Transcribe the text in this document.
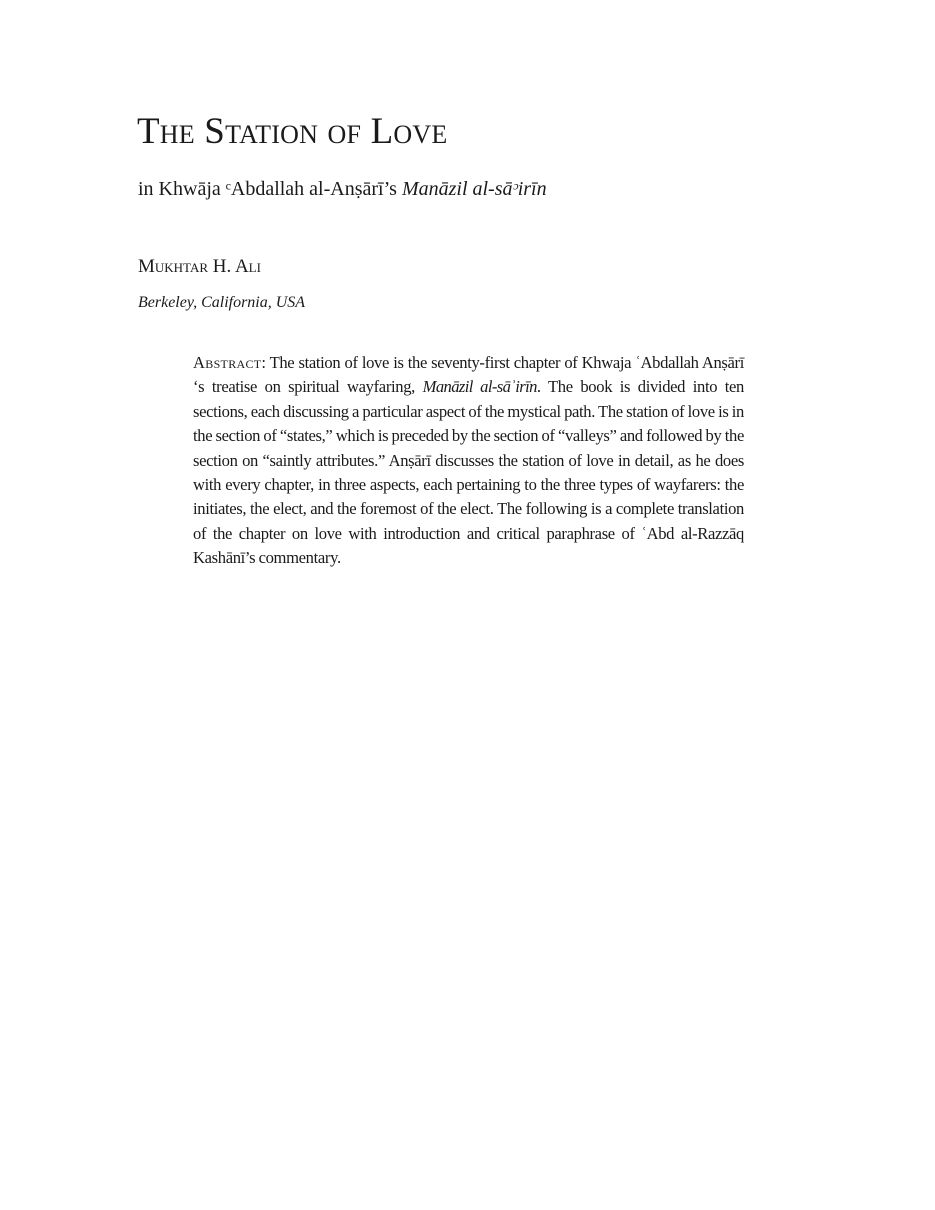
The Station of Love

in Khwāja ᶜAbdallah al-Anṣārī’s Manāzil al-sāᵓirīn

Mukhtar H. Ali

Berkeley, California, USA

Abstract: The station of love is the seventy-first chapter of Khwaja ʿAbdallah Anṣārī ‘s treatise on spiritual wayfaring, Manāzil al-sāʾirīn. The book is divided into ten sections, each discussing a particular aspect of the mystical path. The station of love is in the section of “states,” which is preceded by the section of “valleys” and followed by the section on “saintly attributes.” Anṣārī discusses the station of love in detail, as he does with every chapter, in three aspects, each pertaining to the three types of wayfarers: the initiates, the elect, and the foremost of the elect. The following is a complete translation of the chapter on love with introduction and critical paraphrase of ʿAbd al-Razzāq Kashānī’s commentary.
